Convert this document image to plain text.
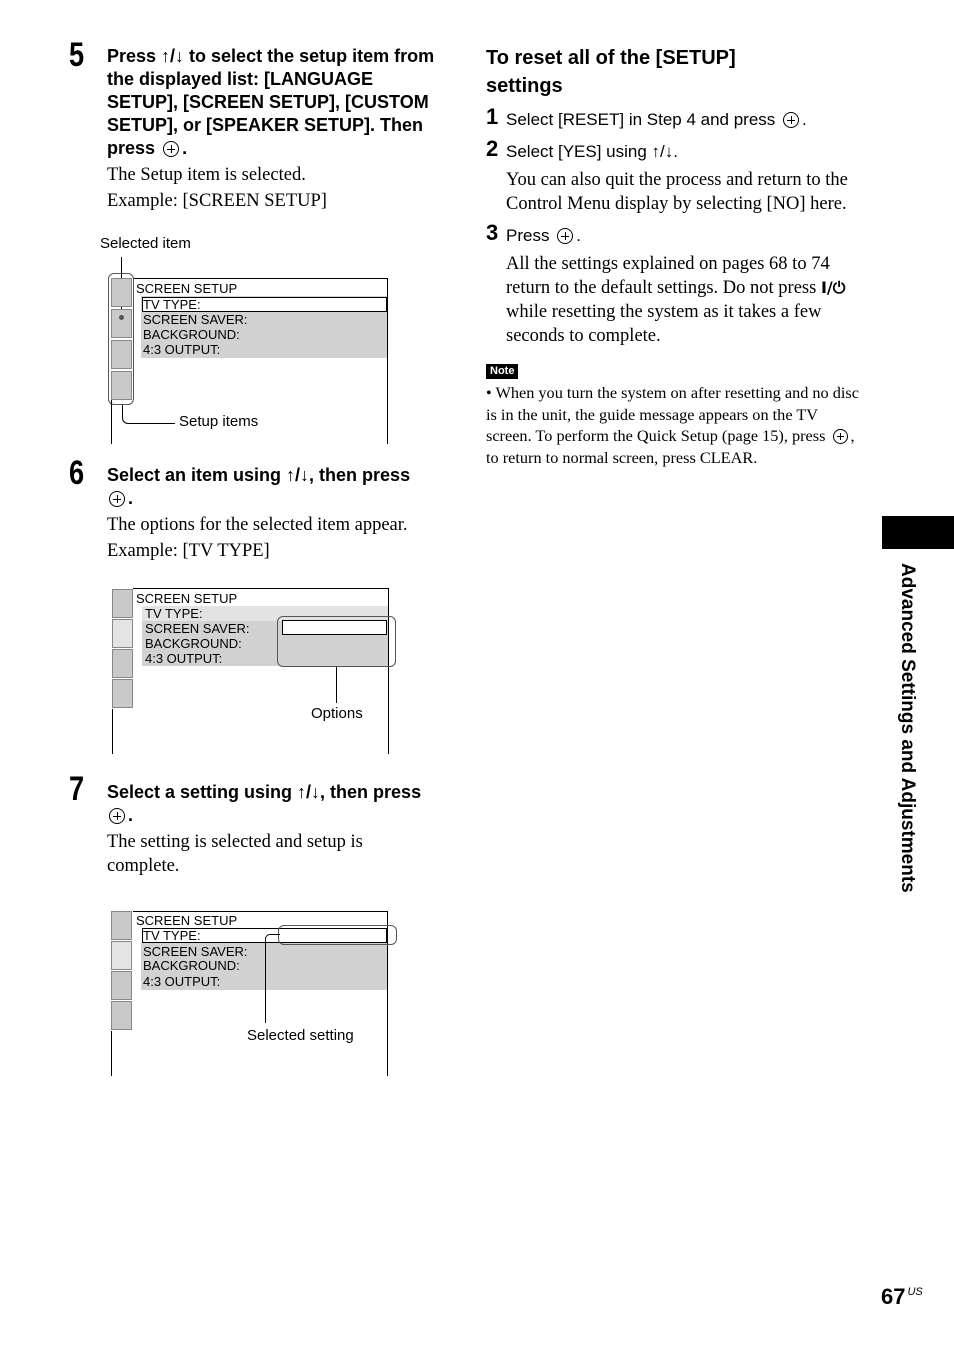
5 Press ↑/↓ to select the setup item from the displayed list: [LANGUAGE SETUP], [SCREEN SETUP], [CUSTOM SETUP], or [SPEAKER SETUP]. Then press .
The Setup item is selected.
Example: [SCREEN SETUP]
Selected item
Setup items
SCREEN SETUP
TV TYPE:
SCREEN SAVER:
BACKGROUND:
4:3 OUTPUT:
6 Select an item using ↑/↓, then press
.
The options for the selected item appear.
Example: [TV TYPE]
SCREEN SETUP
TV TYPE:
SCREEN SAVER:
BACKGROUND:
4:3 OUTPUT:
Options
7 Select a setting using ↑/↓, then press
.
The setting is selected and setup is complete.
SCREEN SETUP
TV TYPE:
SCREEN SAVER:
BACKGROUND:
4:3 OUTPUT:
Selected setting
To reset all of the [SETUP]
settings
1 Select [RESET] in Step 4 and press .
2 Select [YES] using ↑/↓.
You can also quit the process and return to the Control Menu display by selecting [NO] here.
3 Press .
All the settings explained on pages 68 to 74 return to the default settings. Do not press I/⏻ while resetting the system as it takes a few seconds to complete.
Note
• When you turn the system on after resetting and no disc is in the unit, the guide message appears on the TV screen. To perform the Quick Setup (page 15), press , to return to normal screen, press CLEAR.
Advanced Settings and Adjustments
67 $^{US}$
